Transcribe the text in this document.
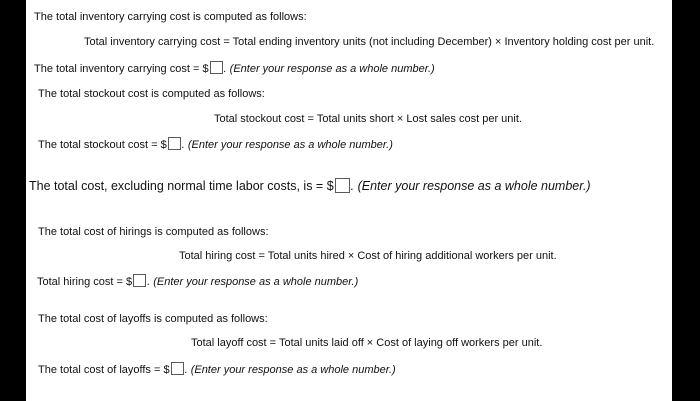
The total inventory carrying cost is computed as follows:
Total inventory carrying cost = Total ending inventory units (not including December) × Inventory holding cost per unit.
The total inventory carrying cost = $ . (Enter your response as a whole number.)
The total stockout cost is computed as follows:
Total stockout cost = Total units short × Lost sales cost per unit.
The total stockout cost = $ . (Enter your response as a whole number.)
The total cost, excluding normal time labor costs, is = $ . (Enter your response as a whole number.)
The total cost of hirings is computed as follows:
Total hiring cost = Total units hired × Cost of hiring additional workers per unit.
Total hiring cost = $ . (Enter your response as a whole number.)
The total cost of layoffs is computed as follows:
Total layoff cost = Total units laid off × Cost of laying off workers per unit.
The total cost of layoffs = $ . (Enter your response as a whole number.)
